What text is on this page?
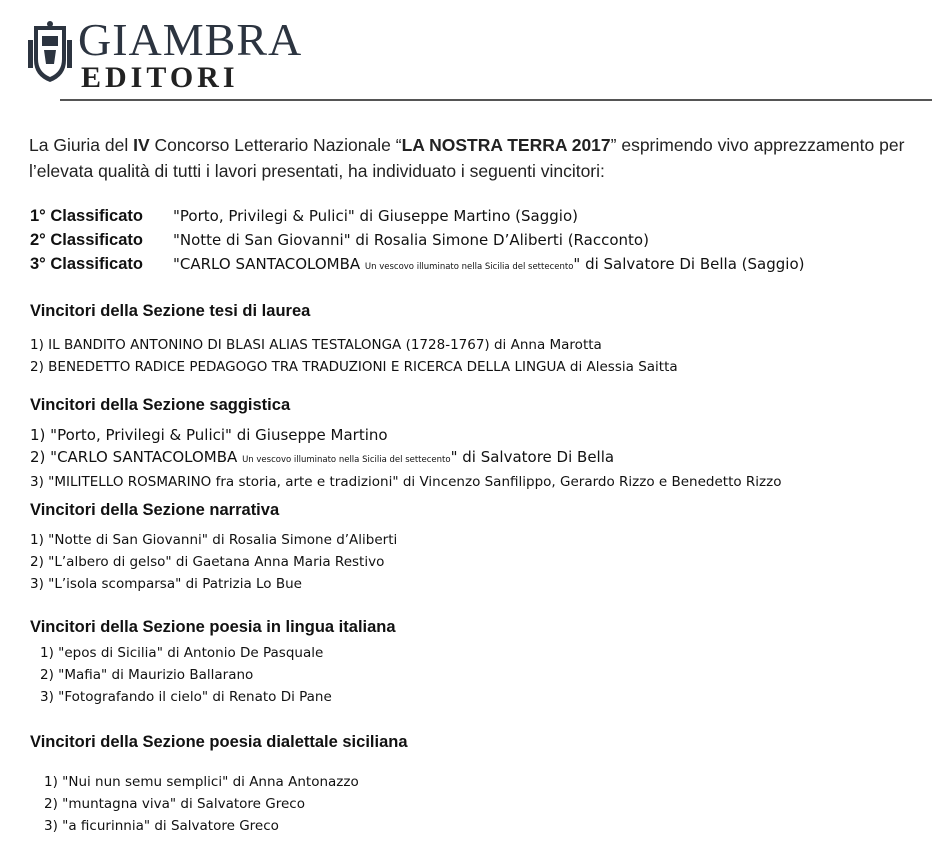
GIAMBRA
EDITORI
La Giuria del IV Concorso Letterario Nazionale “LA NOSTRA TERRA 2017” esprimendo vivo apprezzamento per
l’elevata qualità di tutti i lavori presentati, ha individuato i seguenti vincitori:
1° Classificato "Porto, Privilegi & Pulici" di Giuseppe Martino (Saggio)
2° Classificato "Notte di San Giovanni" di Rosalia Simone D’Aliberti (Racconto)
3° Classificato "CARLO SANTACOLOMBA Un vescovo illuminato nella Sicilia del settecento" di Salvatore Di Bella (Saggio)
Vincitori della Sezione tesi di laurea
1) IL BANDITO ANTONINO DI BLASI ALIAS TESTALONGA (1728-1767) di Anna Marotta
2) BENEDETTO RADICE PEDAGOGO TRA TRADUZIONI E RICERCA DELLA LINGUA di Alessia Saitta
Vincitori della Sezione saggistica
1) "Porto, Privilegi & Pulici" di Giuseppe Martino
2) "CARLO SANTACOLOMBA Un vescovo illuminato nella Sicilia del settecento" di Salvatore Di Bella
3) "MILITELLO ROSMARINO fra storia, arte e tradizioni" di Vincenzo Sanfilippo, Gerardo Rizzo e Benedetto Rizzo
Vincitori della Sezione narrativa
1) "Notte di San Giovanni" di Rosalia Simone d’Aliberti
2) "L’albero di gelso" di Gaetana Anna Maria Restivo
3) "L’isola scomparsa" di Patrizia Lo Bue
Vincitori della Sezione poesia in lingua italiana
1) "epos di Sicilia" di Antonio De Pasquale
2) "Mafia" di Maurizio Ballarano
3) "Fotografando il cielo" di Renato Di Pane
Vincitori della Sezione poesia dialettale siciliana
1) "Nui nun semu semplici" di Anna Antonazzo
2) "muntagna viva" di Salvatore Greco
3) "a ficurinnia" di Salvatore Greco
